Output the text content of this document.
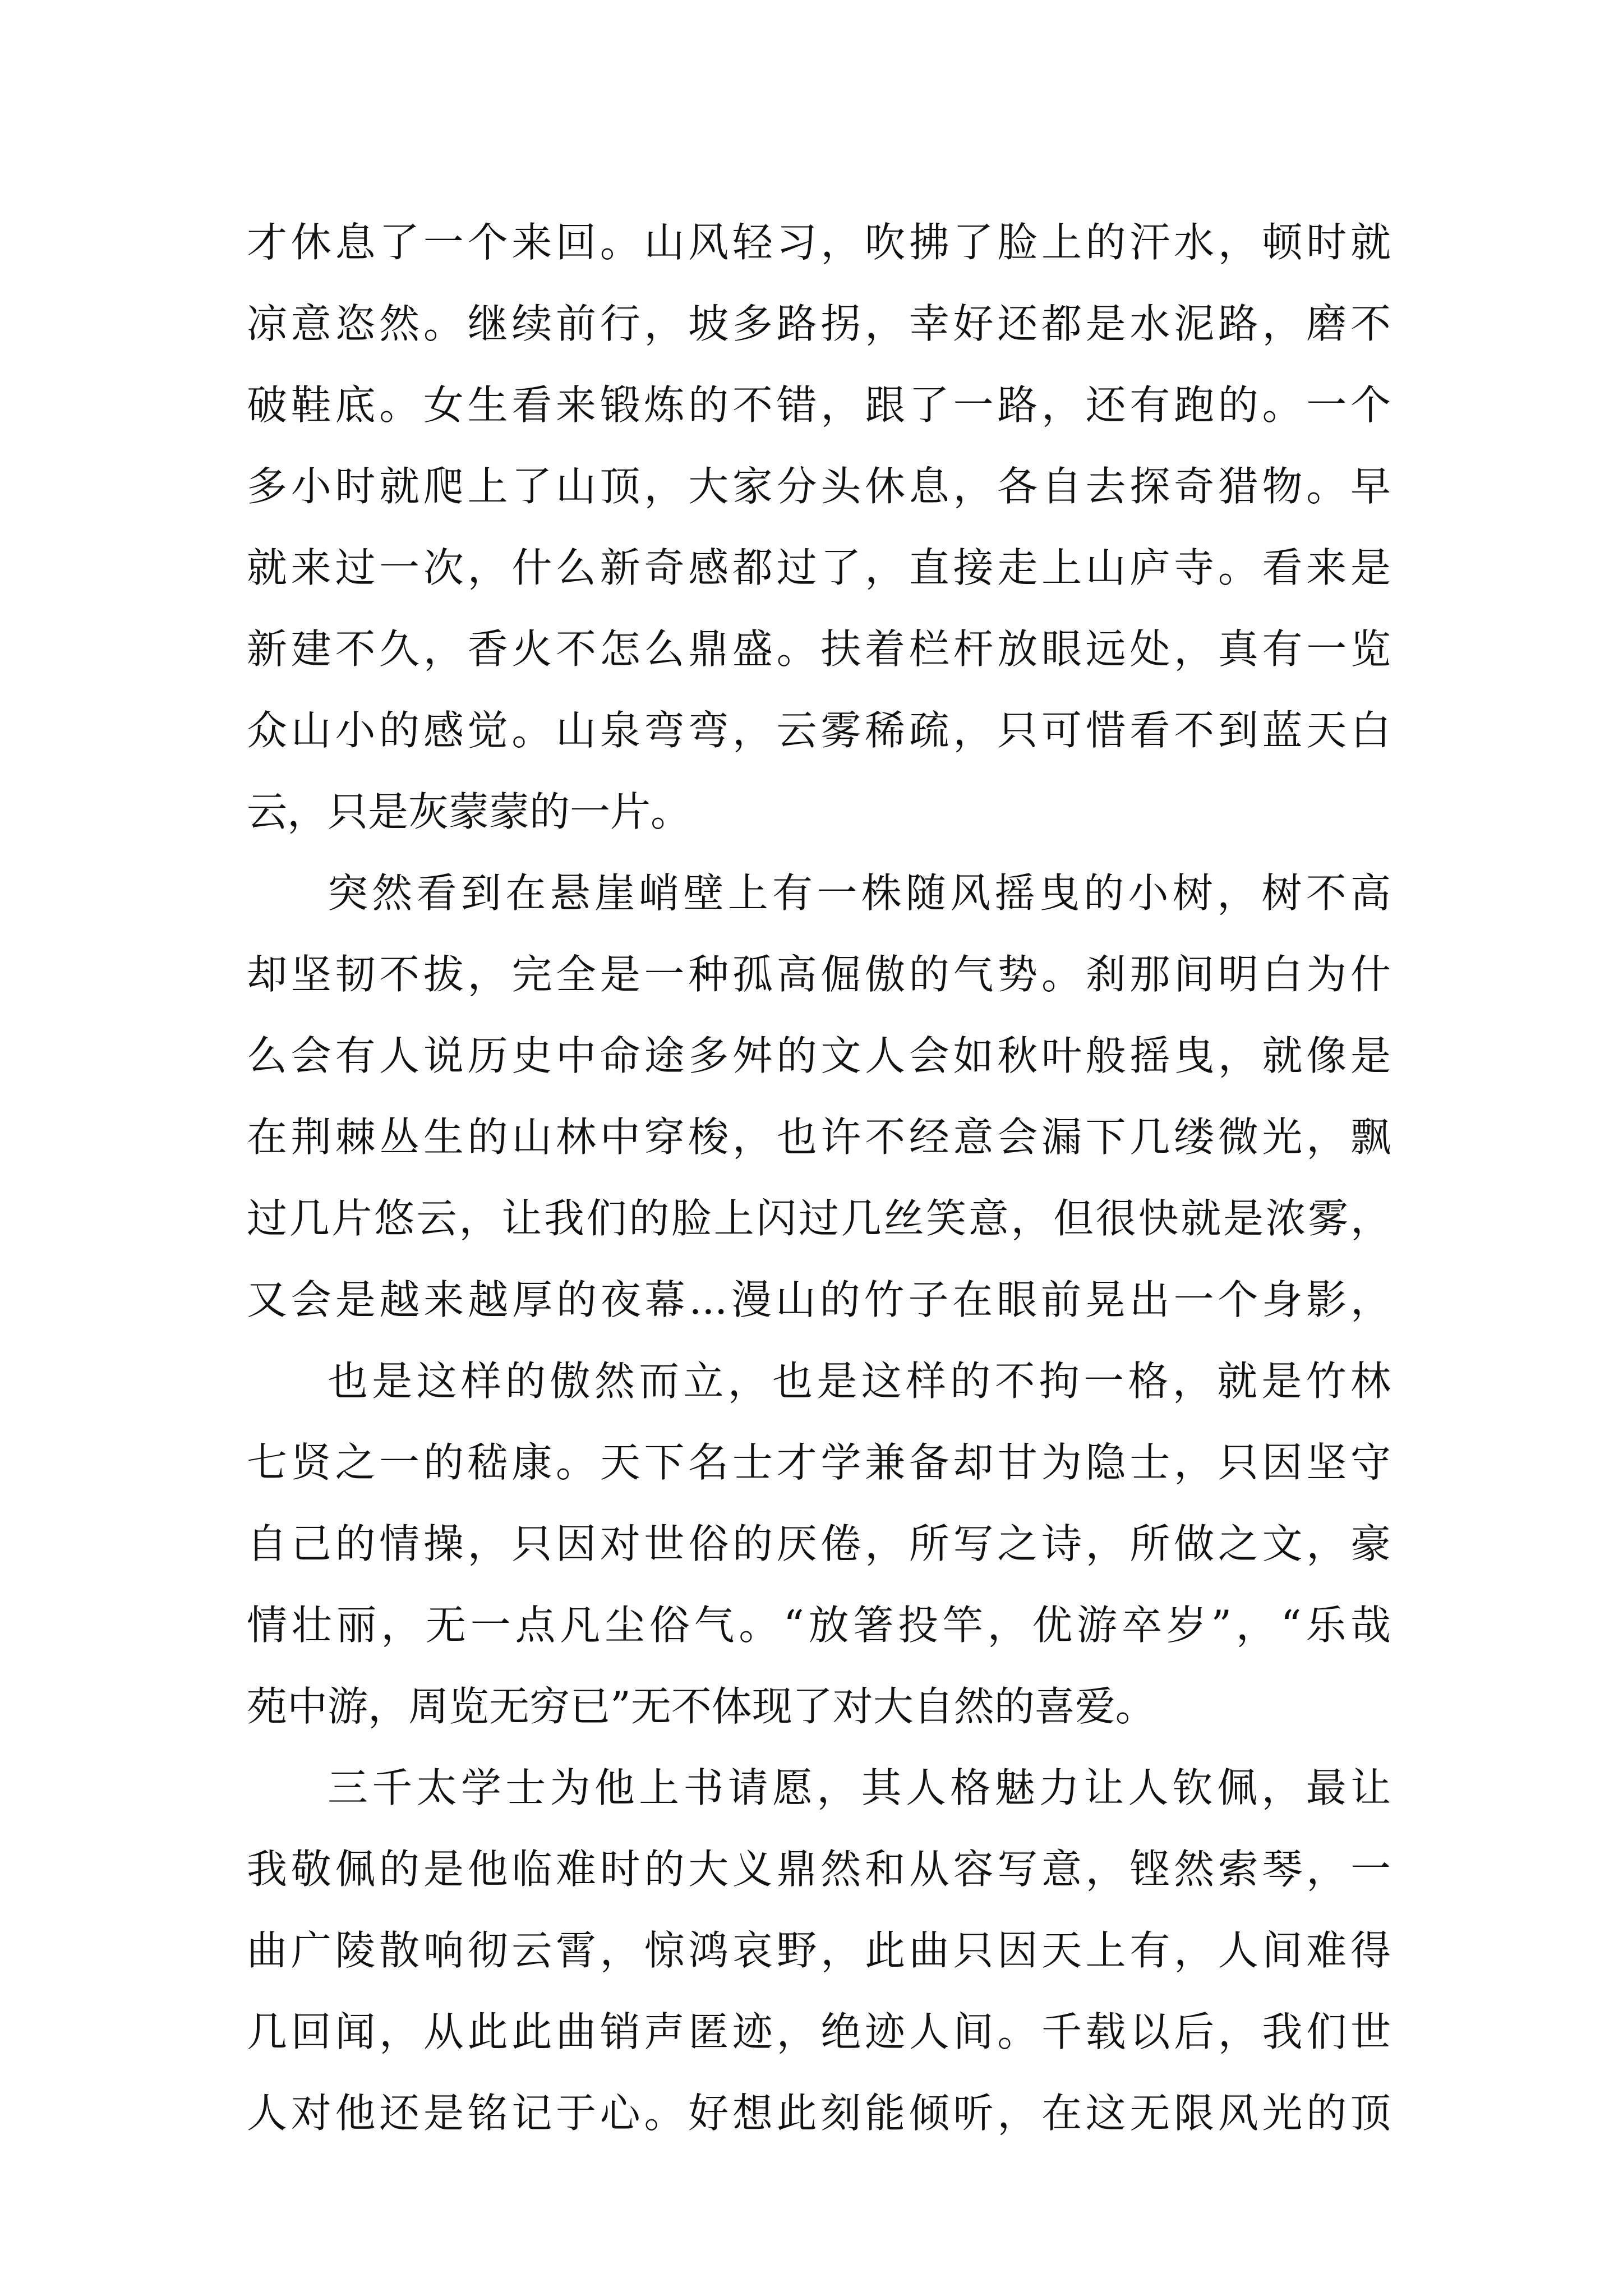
才休息了一个来回。山风轻习，吹拂了脸上的汗水，顿时就
凉意恣然。继续前行，坡多路拐，幸好还都是水泥路，磨不
破鞋底。女生看来锻炼的不错，跟了一路，还有跑的。一个
多小时就爬上了山顶，大家分头休息，各自去探奇猎物。早
就来过一次，什么新奇感都过了，直接走上山庐寺。看来是
新建不久，香火不怎么鼎盛。扶着栏杆放眼远处，真有一览
众山小的感觉。山泉弯弯，云雾稀疏，只可惜看不到蓝天白
云，只是灰蒙蒙的一片。
突然看到在悬崖峭壁上有一株随风摇曳的小树，树不高
却坚韧不拔，完全是一种孤高倔傲的气势。刹那间明白为什
么会有人说历史中命途多舛的文人会如秋叶般摇曳，就像是
在荆棘丛生的山林中穿梭，也许不经意会漏下几缕微光，飘
过几片悠云，让我们的脸上闪过几丝笑意，但很快就是浓雾，
又会是越来越厚的夜幕...漫山的竹子在眼前晃出一个身影，
也是这样的傲然而立，也是这样的不拘一格，就是竹林
七贤之一的嵇康。天下名士才学兼备却甘为隐士，只因坚守
自己的情操，只因对世俗的厌倦，所写之诗，所做之文，豪
情壮丽，无一点凡尘俗气。“放箸投竿，优游卒岁”，“乐哉
苑中游，周览无穷已”无不体现了对大自然的喜爱。
三千太学士为他上书请愿，其人格魅力让人钦佩，最让
我敬佩的是他临难时的大义鼎然和从容写意，铿然索琴，一
曲广陵散响彻云霄，惊鸿哀野，此曲只因天上有，人间难得
几回闻，从此此曲销声匿迹，绝迹人间。千载以后，我们世
人对他还是铭记于心。好想此刻能倾听，在这无限风光的顶
